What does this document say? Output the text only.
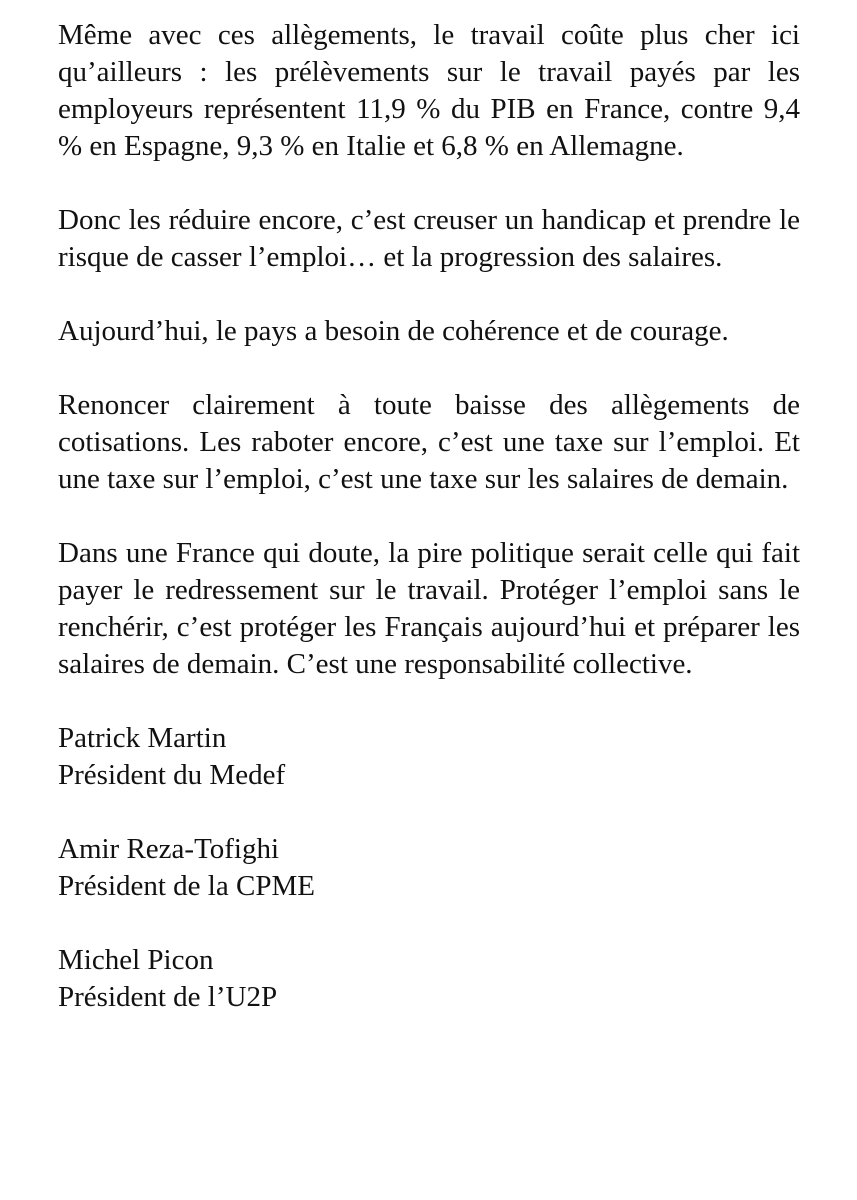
Même avec ces allègements, le travail coûte plus cher ici qu’ailleurs : les prélèvements sur le travail payés par les employeurs représentent 11,9 % du PIB en France, contre 9,4 % en Espagne, 9,3 % en Italie et 6,8 % en Allemagne.

Donc les réduire encore, c’est creuser un handicap et prendre le risque de casser l’emploi… et la progression des salaires.

Aujourd’hui, le pays a besoin de cohérence et de courage.

Renoncer clairement à toute baisse des allègements de cotisations. Les raboter encore, c’est une taxe sur l’emploi. Et une taxe sur l’emploi, c’est une taxe sur les salaires de demain.

Dans une France qui doute, la pire politique serait celle qui fait payer le redressement sur le travail. Protéger l’emploi sans le renchérir, c’est protéger les Français aujourd’hui et préparer les salaires de demain. C’est une responsabilité collective.

Patrick Martin
Président du Medef
Amir Reza-Tofighi
Président de la CPME
Michel Picon
Président de l’U2P
